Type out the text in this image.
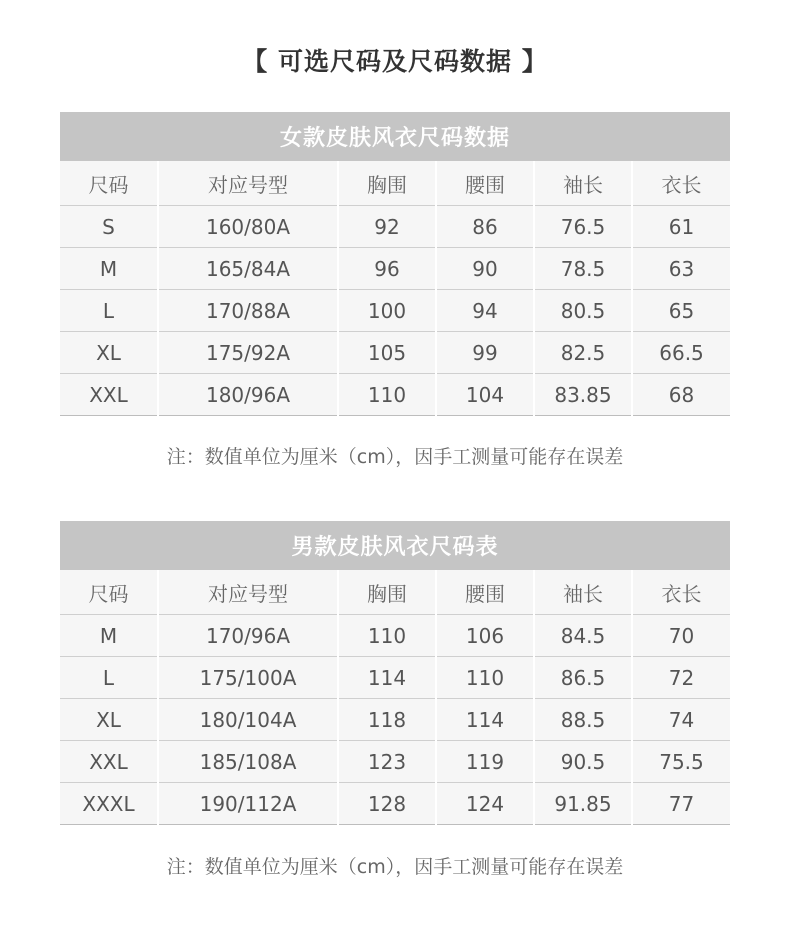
【 可选尺码及尺码数据 】
女款皮肤风衣尺码数据					
尺码	对应号型	胸围	腰围	袖长	衣长
S	160/80A	92	86	76.5	61
M	165/84A	96	90	78.5	63
L	170/88A	100	94	80.5	65
XL	175/92A	105	99	82.5	66.5
XXL	180/96A	110	104	83.85	68
注：数值单位为厘米（cm），因手工测量可能存在误差
男款皮肤风衣尺码表					
尺码	对应号型	胸围	腰围	袖长	衣长
M	170/96A	110	106	84.5	70
L	175/100A	114	110	86.5	72
XL	180/104A	118	114	88.5	74
XXL	185/108A	123	119	90.5	75.5
XXXL	190/112A	128	124	91.85	77
注：数值单位为厘米（cm），因手工测量可能存在误差
